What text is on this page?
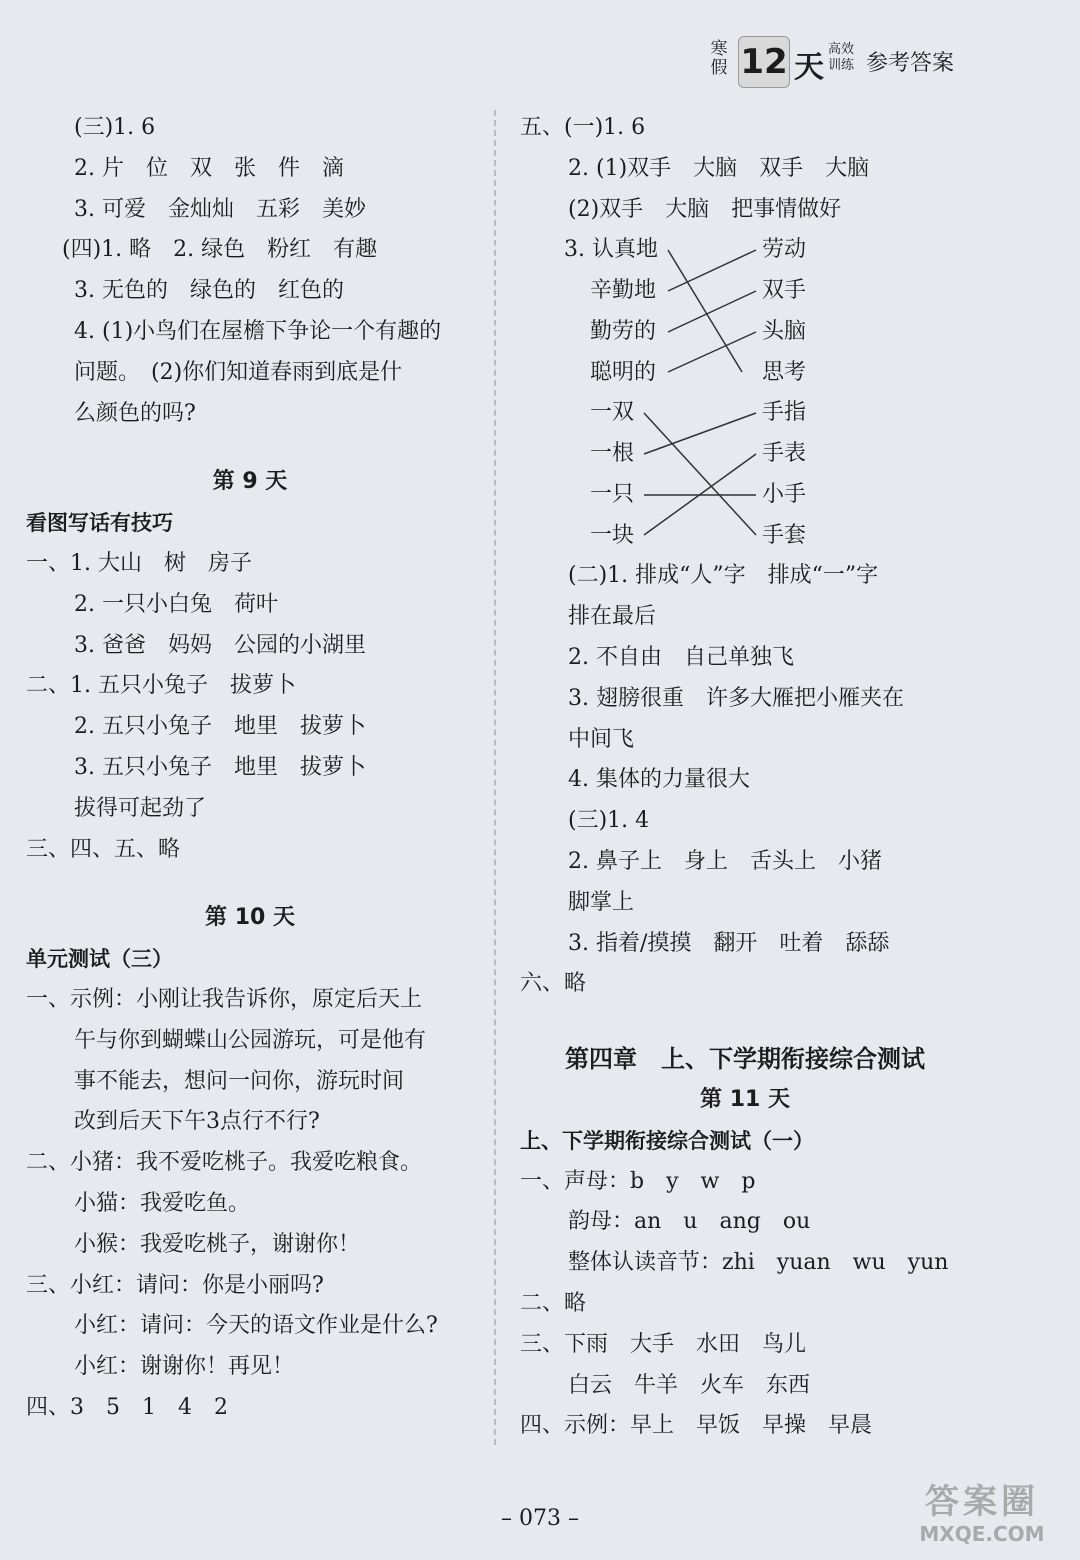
寒
假 12 天
高效
训练 参考答案
(三)1. 6
2. 片　位　双　张　件　滴
3. 可爱　金灿灿　五彩　美妙
(四)1. 略　2. 绿色　粉红　有趣
3. 无色的　绿色的　红色的
4. (1)小鸟们在屋檐下争论一个有趣的
问题。　(2)你们知道春雨到底是什
么颜色的吗?
第 9 天
看图写话有技巧
一、1. 大山　树　房子
2. 一只小白兔　荷叶
3. 爸爸　妈妈　公园的小湖里
二、1. 五只小兔子　拔萝卜
2. 五只小兔子　地里　拔萝卜
3. 五只小兔子　地里　拔萝卜
拔得可起劲了
三、四、五、略
第 10 天
单元测试（三）
一、示例：小刚让我告诉你，原定后天上
午与你到蝴蝶山公园游玩，可是他有
事不能去，想问一问你，游玩时间
改到后天下午3点行不行?
二、小猪：我不爱吃桃子。我爱吃粮食。
小猫：我爱吃鱼。
小猴：我爱吃桃子，谢谢你！
三、小红：请问：你是小丽吗?
小红：请问：今天的语文作业是什么?
小红：谢谢你！再见！
四、3　5　1　4　2
五、(一)1. 6
2. (1)双手　大脑　双手　大脑
(2)双手　大脑　把事情做好
3. 认真地
辛勤地
勤劳的
聪明的
劳动
双手
头脑
思考
一双
一根
一只
一块
手指
手表
小手
手套
(二)1. 排成“人”字　排成“一”字
排在最后
2. 不自由　自己单独飞
3. 翅膀很重　许多大雁把小雁夹在
中间飞
4. 集体的力量很大
(三)1. 4
2. 鼻子上　身上　舌头上　小猪
脚掌上
3. 指着/摸摸　翻开　吐着　舔舔
六、略
第四章　上、下学期衔接综合测试
第 11 天
上、下学期衔接综合测试（一）
一、声母：b　y　w　p
韵母：an　u　ang　ou
整体认读音节：zhi　yuan　wu　yun
二、略
三、下雨　大手　水田　鸟儿
白云　牛羊　火车　东西
四、示例：早上　早饭　早操　早晨
– 073 –	答案圈
MXQE.COM
